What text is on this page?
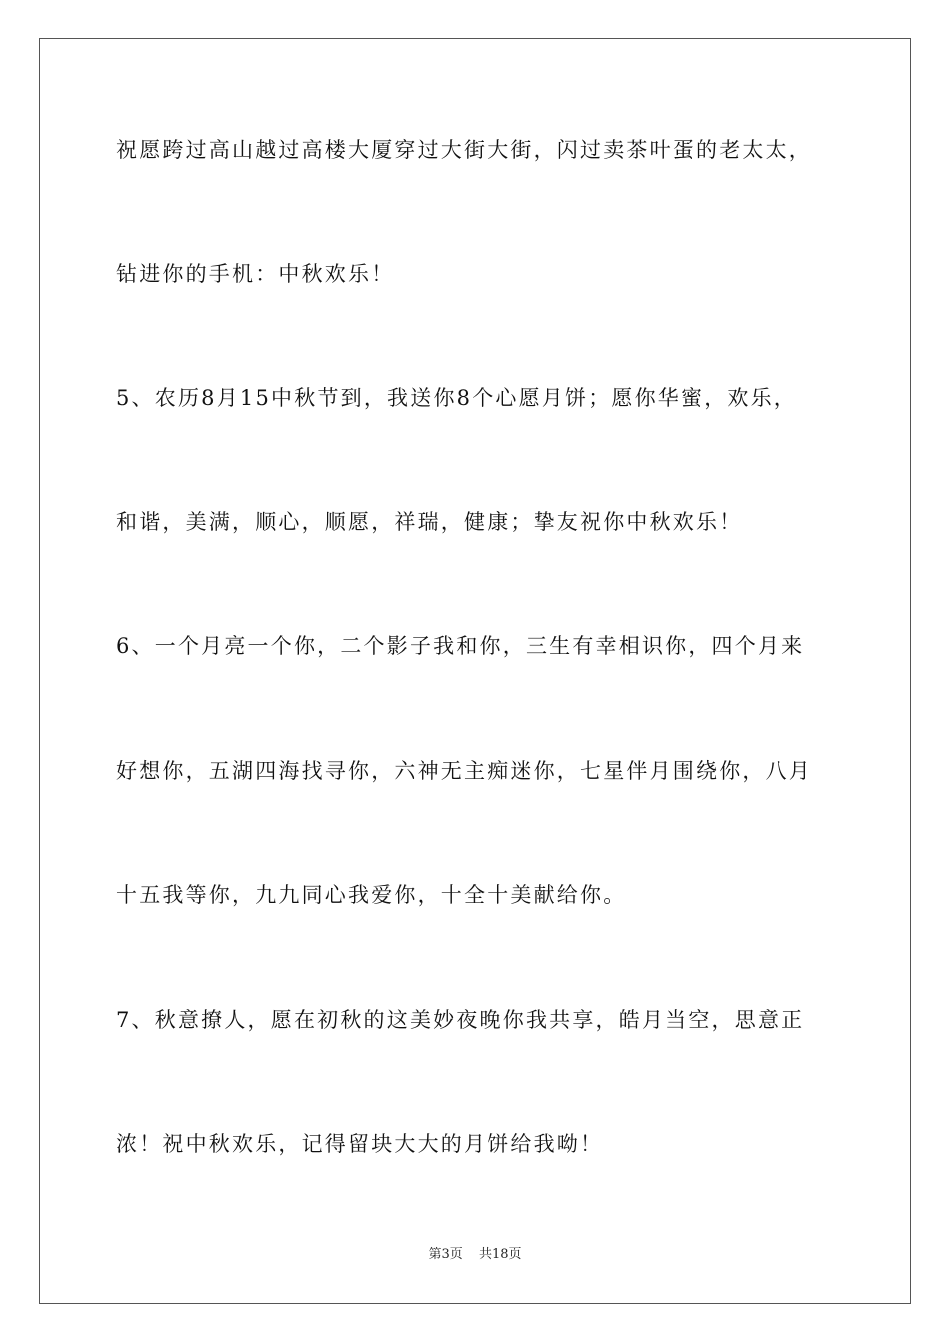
祝愿跨过高山越过高楼大厦穿过大街大街，闪过卖茶叶蛋的老太太，
钻进你的手机：中秋欢乐！
5、农历8月15中秋节到，我送你8个心愿月饼；愿你华蜜，欢乐，
和谐，美满，顺心，顺愿，祥瑞，健康；挚友祝你中秋欢乐！
6、一个月亮一个你，二个影子我和你，三生有幸相识你，四个月来
好想你，五湖四海找寻你，六神无主痴迷你，七星伴月围绕你，八月
十五我等你，九九同心我爱你，十全十美献给你。
7、秋意撩人，愿在初秋的这美妙夜晚你我共享，皓月当空，思意正
浓！祝中秋欢乐，记得留块大大的月饼给我呦！
第3页 共18页
